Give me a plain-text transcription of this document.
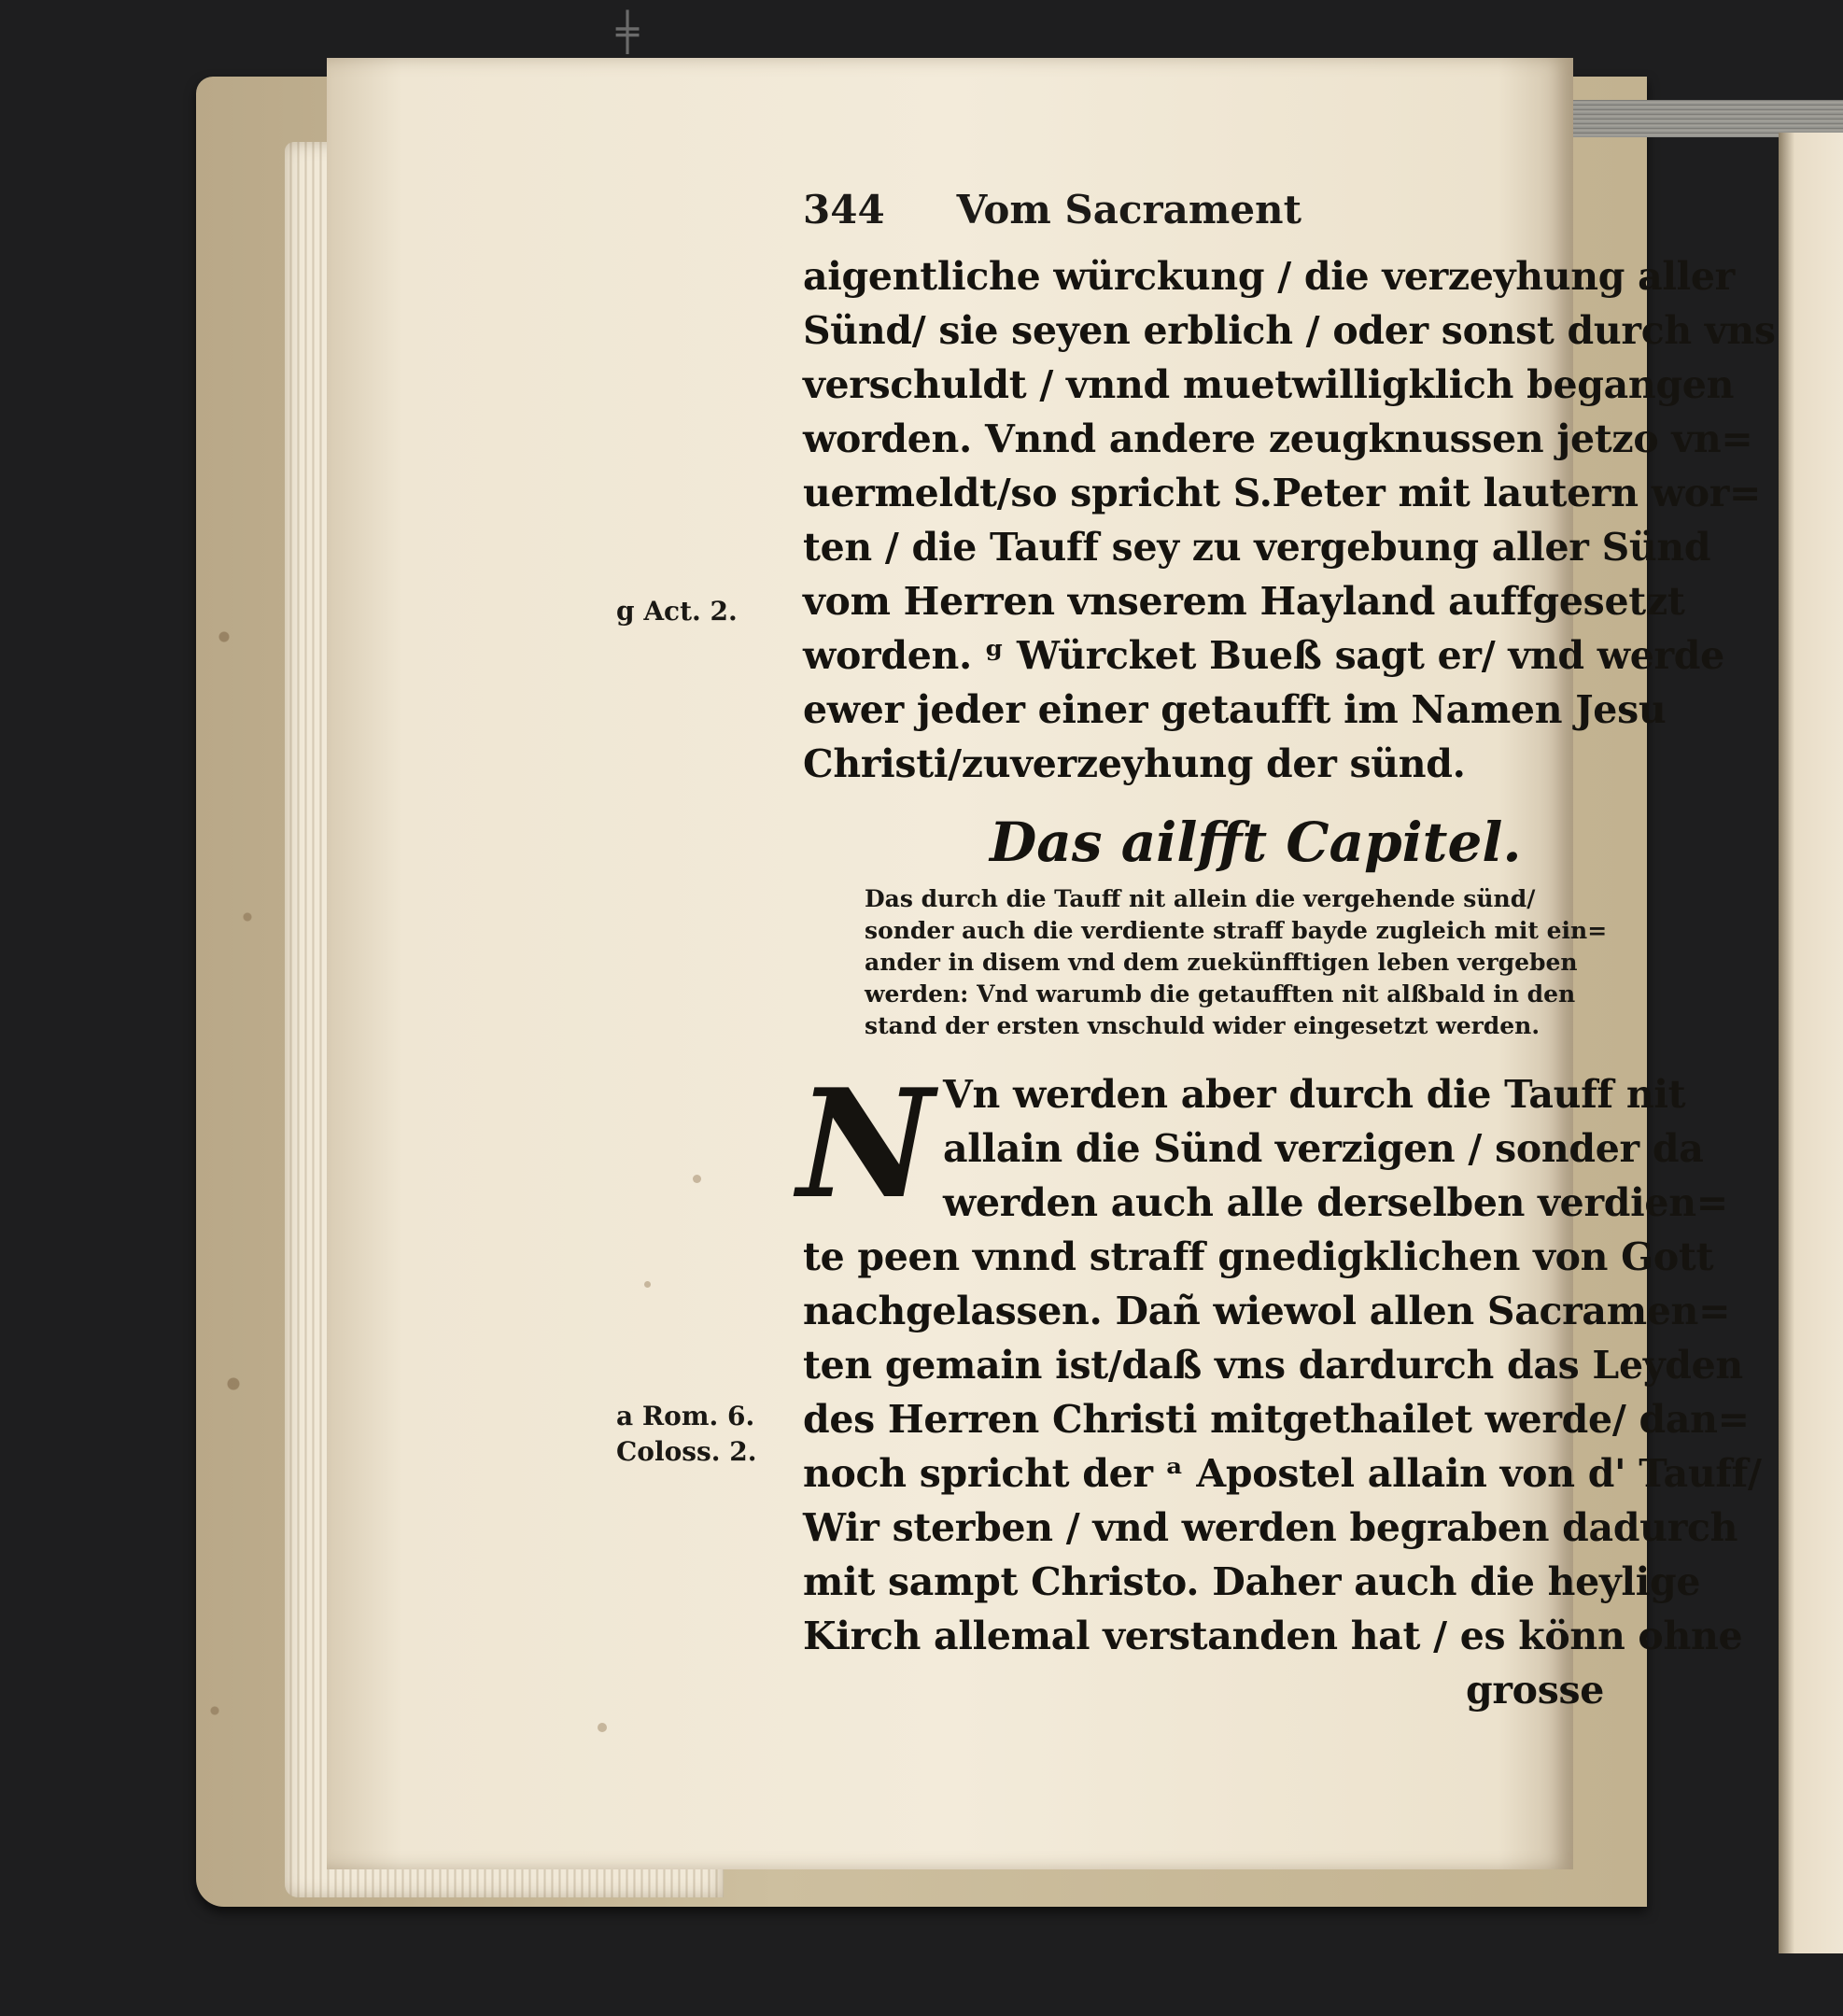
╪
344 Vom Sacrament
aigentliche würckung / die verzeyhung aller
Sünd/ sie seyen erblich / oder sonst durch vns
verschuldt / vnnd muetwilligklich begangen
worden. Vnnd andere zeugknussen jetzo vn=
uermeldt/so spricht S.Peter mit lautern wor=
ten / die Tauff sey zu vergebung aller Sünd
vom Herren vnserem Hayland auffgesetzt
worden. ᵍ Würcket Bueß sagt er/ vnd werde
ewer jeder einer getaufft im Namen Jesu
Christi/zuverzeyhung der sünd.
g Act. 2.
Das ailfft Capitel.
Das durch die Tauff nit allein die vergehende sünd/
sonder auch die verdiente straff bayde zugleich mit ein=
ander in disem vnd dem zuekünfftigen leben vergeben
werden: Vnd warumb die getaufften nit alßbald in den
stand der ersten vnschuld wider eingesetzt werden.
N Vn werden aber durch die Tauff nit
allain die Sünd verzigen / sonder da
werden auch alle derselben verdien=
te peen vnnd straff gnedigklichen von Gott
nachgelassen. Dañ wiewol allen Sacramen=
ten gemain ist/daß vns dardurch das Leyden
des Herren Christi mitgethailet werde/ dan=
noch spricht der ᵃ Apostel allain von d' Tauff/
Wir sterben / vnd werden begraben dadurch
mit sampt Christo. Daher auch die heylige
Kirch allemal verstanden hat / es könn ohne
grosse
a Rom. 6.
Coloss. 2.
